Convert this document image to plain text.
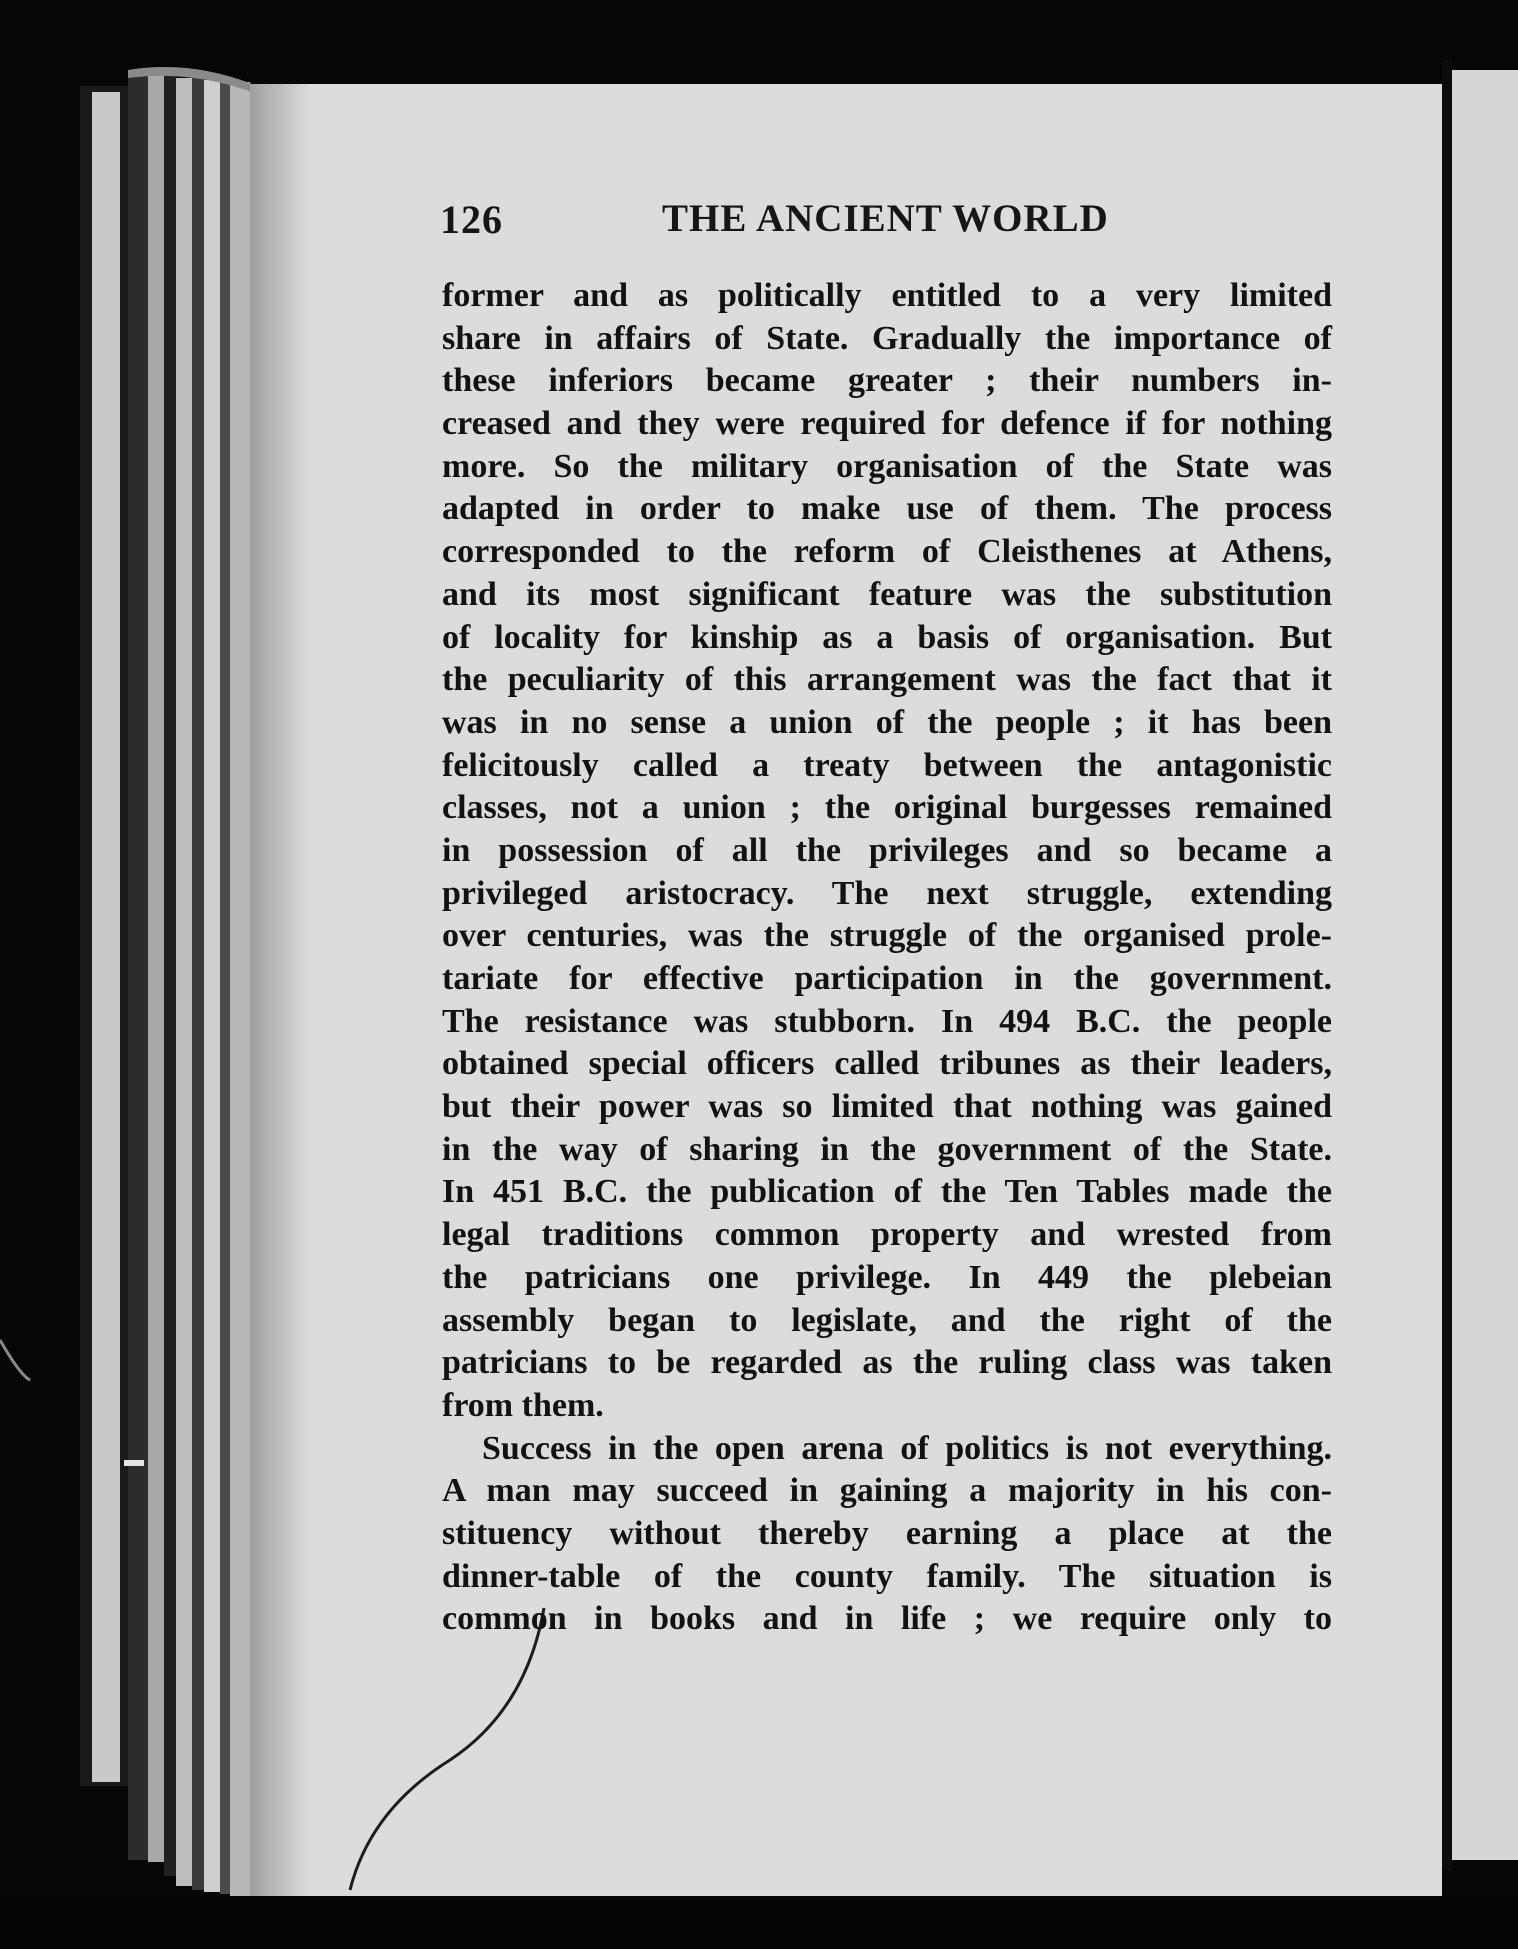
126	THE ANCIENT WORLD
former and as politically entitled to a very limited
share in affairs of State. Gradually the importance of
these inferiors became greater ; their numbers in-
creased and they were required for defence if for nothing
more. So the military organisation of the State was
adapted in order to make use of them. The process
corresponded to the reform of Cleisthenes at Athens,
and its most significant feature was the substitution
of locality for kinship as a basis of organisation. But
the peculiarity of this arrangement was the fact that it
was in no sense a union of the people ; it has been
felicitously called a treaty between the antagonistic
classes, not a union ; the original burgesses remained
in possession of all the privileges and so became a
privileged aristocracy. The next struggle, extending
over centuries, was the struggle of the organised prole-
tariate for effective participation in the government.
The resistance was stubborn. In 494 B.C. the people
obtained special officers called tribunes as their leaders,
but their power was so limited that nothing was gained
in the way of sharing in the government of the State.
In 451 B.C. the publication of the Ten Tables made the
legal traditions common property and wrested from
the patricians one privilege. In 449 the plebeian
assembly began to legislate, and the right of the
patricians to be regarded as the ruling class was taken
from them.
Success in the open arena of politics is not everything.
A man may succeed in gaining a majority in his con-
stituency without thereby earning a place at the
dinner-table of the county family. The situation is
common in books and in life ; we require only to
